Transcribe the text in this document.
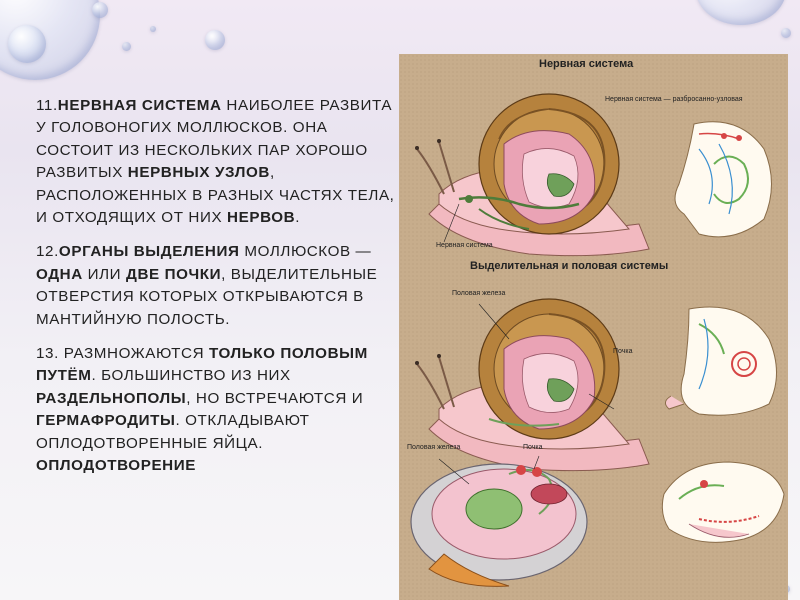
11.НЕРВНАЯ СИСТЕМА НАИБОЛЕЕ РАЗВИТА У ГОЛОВОНОГИХ МОЛЛЮСКОВ. ОНА СОСТОИТ ИЗ НЕСКОЛЬКИХ ПАР ХОРОШО РАЗВИТЫХ НЕРВНЫХ УЗЛОВ, РАСПОЛОЖЕННЫХ В РАЗНЫХ ЧАСТЯХ ТЕЛА, И ОТХОДЯЩИХ ОТ НИХ НЕРВОВ.

12.ОРГАНЫ ВЫДЕЛЕНИЯ МОЛЛЮСКОВ — ОДНА ИЛИ ДВЕ ПОЧКИ, ВЫДЕЛИТЕЛЬНЫЕ ОТВЕРСТИЯ КОТОРЫХ ОТКРЫВАЮТСЯ В МАНТИЙНУЮ ПОЛОСТЬ.

13. РАЗМНОЖАЮТСЯ ТОЛЬКО ПОЛОВЫМ ПУТЁМ. БОЛЬШИНСТВО ИЗ НИХ РАЗДЕЛЬНОПОЛЫ, НО ВСТРЕЧАЮТСЯ И ГЕРМАФРОДИТЫ. ОТКЛАДЫВАЮТ ОПЛОДОТВОРЕННЫЕ ЯЙЦА. ОПЛОДОТВОРЕНИЕ

Нервная система
Нервная система — разбросанно-узловая
Нервная система
Выделительная и половая системы
Половая железа
Почка
Половая железа	Почка
